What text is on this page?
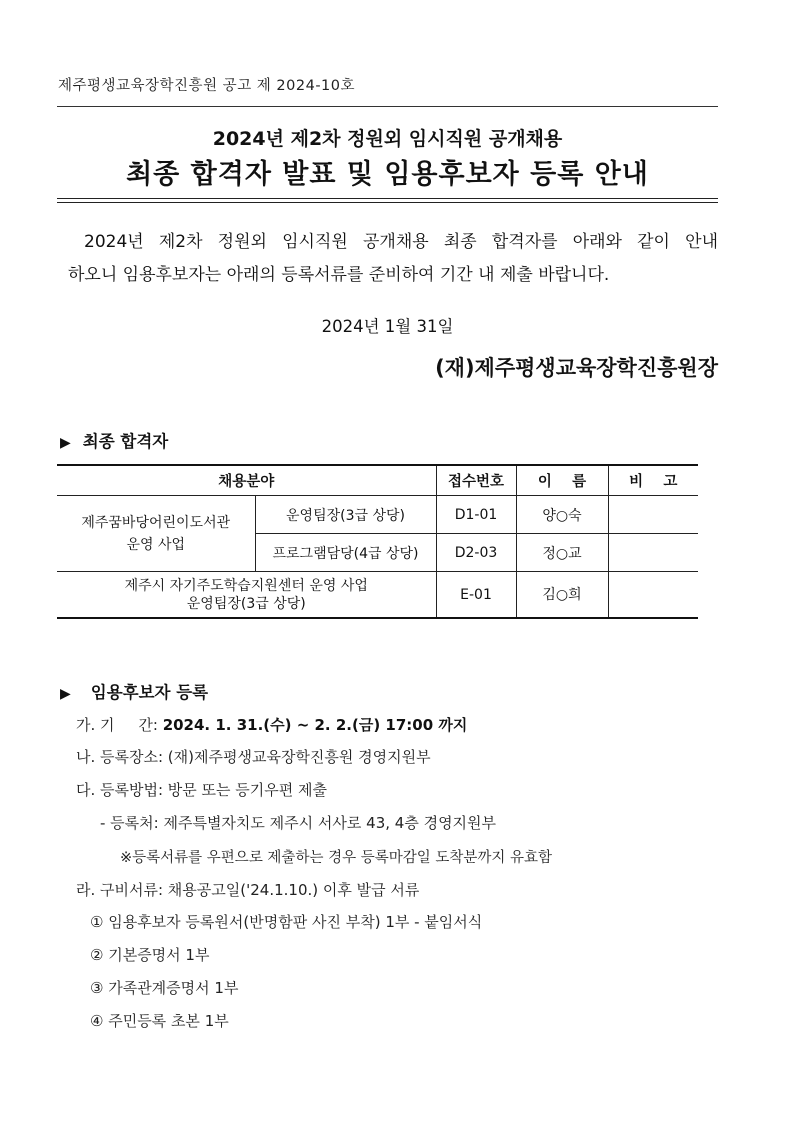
제주평생교육장학진흥원 공고 제 2024-10호
2024년 제2차 정원외 임시직원 공개채용
최종 합격자 발표 및 임용후보자 등록 안내
2024년 제2차 정원외 임시직원 공개채용 최종 합격자를 아래와 같이 안내
하오니 임용후보자는 아래의 등록서류를 준비하여 기간 내 제출 바랍니다.
2024년 1월 31일
(재)제주평생교육장학진흥원장
▶ 최종 합격자
채용분야		접수번호	이    름	비    고
제주꿈바당어린이도서관
운영 사업	운영팀장(3급 상당)	D1-01	양○숙	
	프로그램담당(4급 상당)	D2-03	정○교	
제주시 자기주도학습지원센터 운영 사업
운영팀장(3급 상당)		E-01	김○희	
▶ 임용후보자 등록
가. 기     간: 2024. 1. 31.(수) ~ 2. 2.(금) 17:00 까지
나. 등록장소: (재)제주평생교육장학진흥원 경영지원부
다. 등록방법: 방문 또는 등기우편 제출
- 등록처: 제주특별자치도 제주시 서사로 43, 4층 경영지원부
※등록서류를 우편으로 제출하는 경우 등록마감일 도착분까지 유효함
라. 구비서류: 채용공고일('24.1.10.) 이후 발급 서류
① 임용후보자 등록원서(반명함판 사진 부착) 1부 - 붙임서식
② 기본증명서 1부
③ 가족관계증명서 1부
④ 주민등록 초본 1부
